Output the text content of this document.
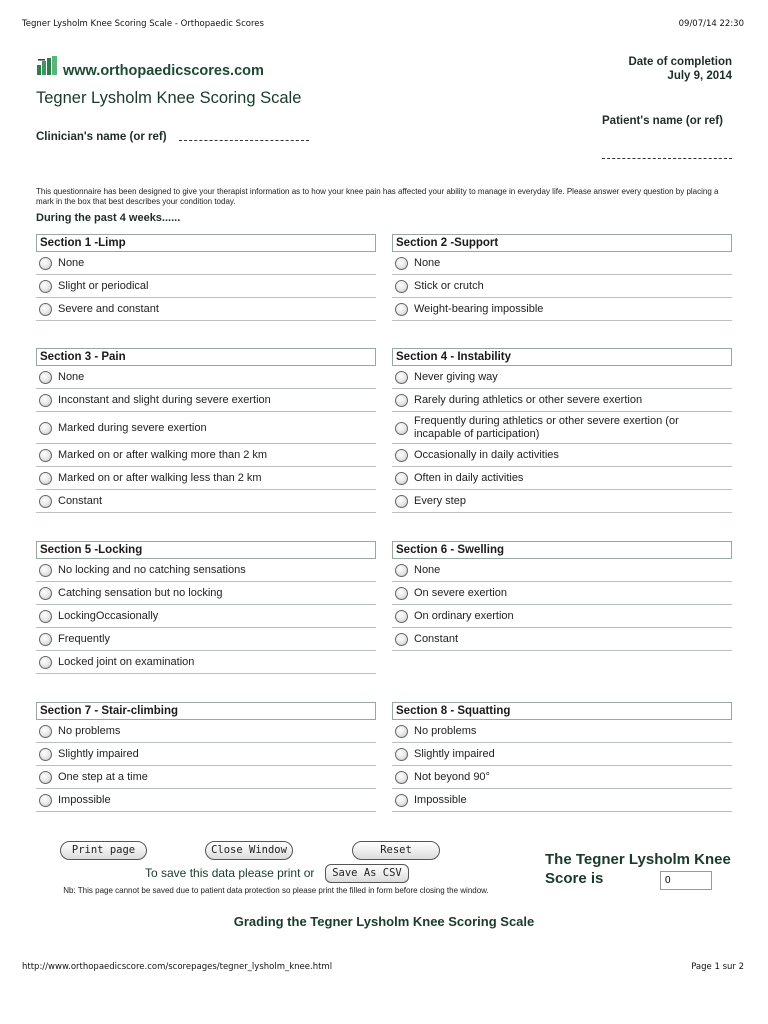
Tegner Lysholm Knee Scoring Scale - Orthopaedic Scores	09/07/14 22:30
www.orthopaedicscores.com
Tegner Lysholm Knee Scoring Scale
Date of completion
July 9, 2014
Clinician's name (or ref)
Patient's name (or ref)
This questionnaire has been designed to give your therapist information as to how your knee pain has affected your ability to manage in everyday life. Please answer every question by placing a mark in the box that best describes your condition today.
During the past 4 weeks......
Section 1 -Limp
None
Slight or periodical
Severe and constant
Section 2 -Support
None
Stick or crutch
Weight-bearing impossible
Section 3 - Pain
None
Inconstant and slight during severe exertion
Marked during severe exertion
Marked on or after walking more than 2 km
Marked on or after walking less than 2 km
Constant
Section 4 - Instability
Never giving way
Rarely during athletics or other severe exertion
Frequently during athletics or other severe exertion (or incapable of participation)
Occasionally in daily activities
Often in daily activities
Every step
Section 5 -Locking
No locking and no catching sensations
Catching sensation but no locking
LockingOccasionally
Frequently
Locked joint on examination
Section 6 - Swelling
None
On severe exertion
On ordinary exertion
Constant
Section 7 - Stair-climbing
No problems
Slightly impaired
One step at a time
Impossible
Section 8 - Squatting
No problems
Slightly impaired
Not beyond 90°
Impossible
Print page	Close Window	Reset
To save this data please print or	Save As CSV
Nb: This page cannot be saved due to patient data protection so please print the filled in form before closing the window.
The Tegner Lysholm Knee Score is
0
Grading the Tegner Lysholm Knee Scoring Scale
http://www.orthopaedicscore.com/scorepages/tegner_lysholm_knee.html	Page 1 sur 2
